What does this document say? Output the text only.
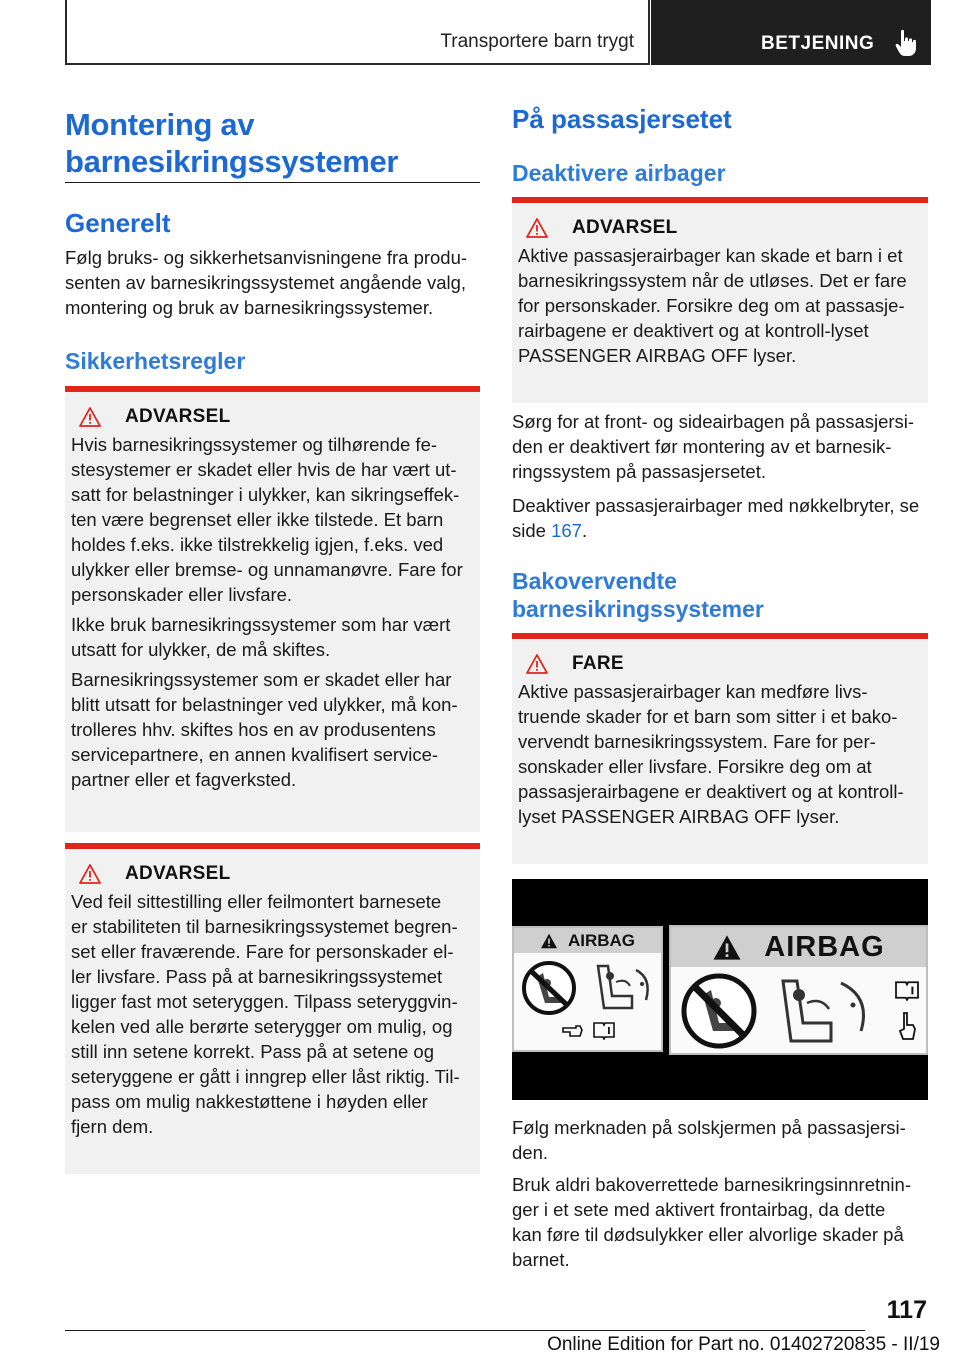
Transportere barn trygt	BETJENING
Montering av
barnesikringssystemer
Generelt
Følg bruks- og sikkerhetsanvisningene fra produ‐
senten av barnesikringssystemet angående valg,
montering og bruk av barnesikringssystemer.
Sikkerhetsregler
ADVARSEL
Hvis barnesikringssystemer og tilhørende fe‐
stesystemer er skadet eller hvis de har vært ut‐
satt for belastninger i ulykker, kan sikringseffek‐
ten være begrenset eller ikke tilstede. Et barn
holdes f.eks. ikke tilstrekkelig igjen, f.eks. ved
ulykker eller bremse- og unnamanøvre. Fare for
personskader eller livsfare.
Ikke bruk barnesikringssystemer som har vært
utsatt for ulykker, de må skiftes.
Barnesikringssystemer som er skadet eller har
blitt utsatt for belastninger ved ulykker, må kon‐
trolleres hhv. skiftes hos en av produsentens
servicepartnere, en annen kvalifisert service‐
partner eller et fagverksted.
ADVARSEL
Ved feil sittestilling eller feilmontert barnesete
er stabiliteten til barnesikringssystemet begren‐
set eller fraværende. Fare for personskader el‐
ler livsfare. Pass på at barnesikringssystemet
ligger fast mot seteryggen. Tilpass seteryggvin‐
kelen ved alle berørte seterygger om mulig, og
still inn setene korrekt. Pass på at setene og
seteryggene er gått i inngrep eller låst riktig. Til‐
pass om mulig nakkestøttene i høyden eller
fjern dem.
På passasjersetet
Deaktivere airbager
ADVARSEL
Aktive passasjerairbager kan skade et barn i et
barnesikringssystem når de utløses. Det er fare
for personskader. Forsikre deg om at passasje‐
rairbagene er deaktivert og at kontroll-lyset
PASSENGER AIRBAG OFF lyser.
Sørg for at front- og sideairbagen på passasjersi‐
den er deaktivert før montering av et barnesik‐
ringssystem på passasjersetet.
Deaktiver passasjerairbager med nøkkelbryter, se
side 167.
Bakovervendte
barnesikringssystemer
FARE
Aktive passasjerairbager kan medføre livs‐
truende skader for et barn som sitter i et bako‐
vervendt barnesikringssystem. Fare for per‐
sonskader eller livsfare. Forsikre deg om at
passasjerairbagene er deaktivert og at kontroll‐
lyset PASSENGER AIRBAG OFF lyser.
AIRBAG	AIRBAG
Følg merknaden på solskjermen på passasjersi‐
den.
Bruk aldri bakoverrettede barnesikringsinnretnin‐
ger i et sete med aktivert frontairbag, da dette
kan føre til dødsulykker eller alvorlige skader på
barnet.
117
Online Edition for Part no. 01402720835 - II/19
